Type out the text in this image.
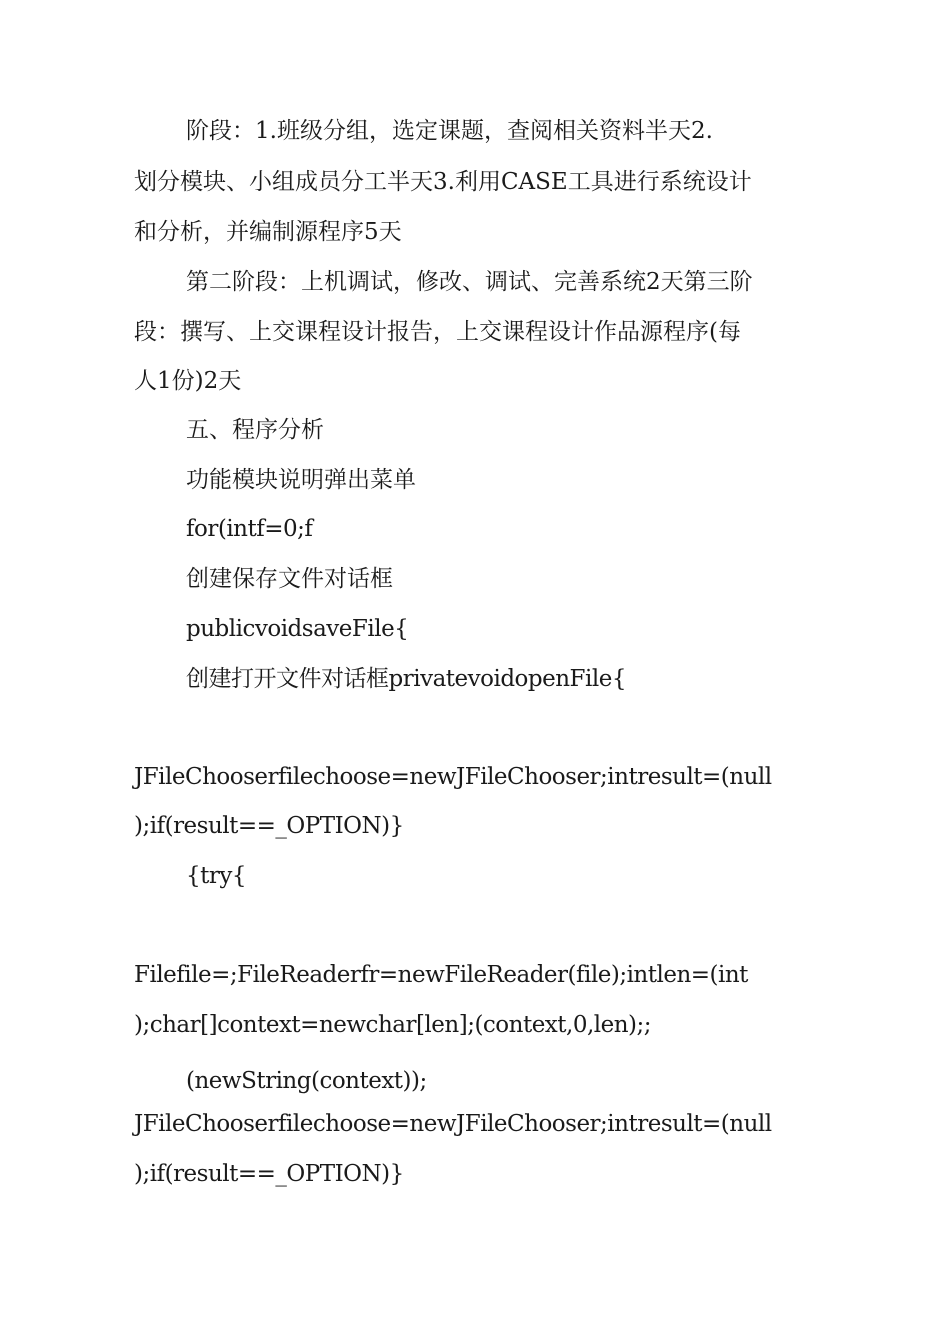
阶段：1.班级分组，选定课题，查阅相关资料半天2.
划分模块、小组成员分工半天3.利用CASE工具进行系统设计
和分析，并编制源程序5天
第二阶段：上机调试，修改、调试、完善系统2天第三阶
段：撰写、上交课程设计报告，上交课程设计作品源程序(每
人1份)2天
五、程序分析
功能模块说明弹出菜单
for(intf=0;f
创建保存文件对话框
publicvoidsaveFile{
创建打开文件对话框privatevoidopenFile{
JFileChooserfilechoose=newJFileChooser;intresult=(null
);if(result==_OPTION)}
{try{
Filefile=;FileReaderfr=newFileReader(file);intlen=(int
);char[]context=newchar[len];(context,0,len);;
(newString(context));
JFileChooserfilechoose=newJFileChooser;intresult=(null
);if(result==_OPTION)}
